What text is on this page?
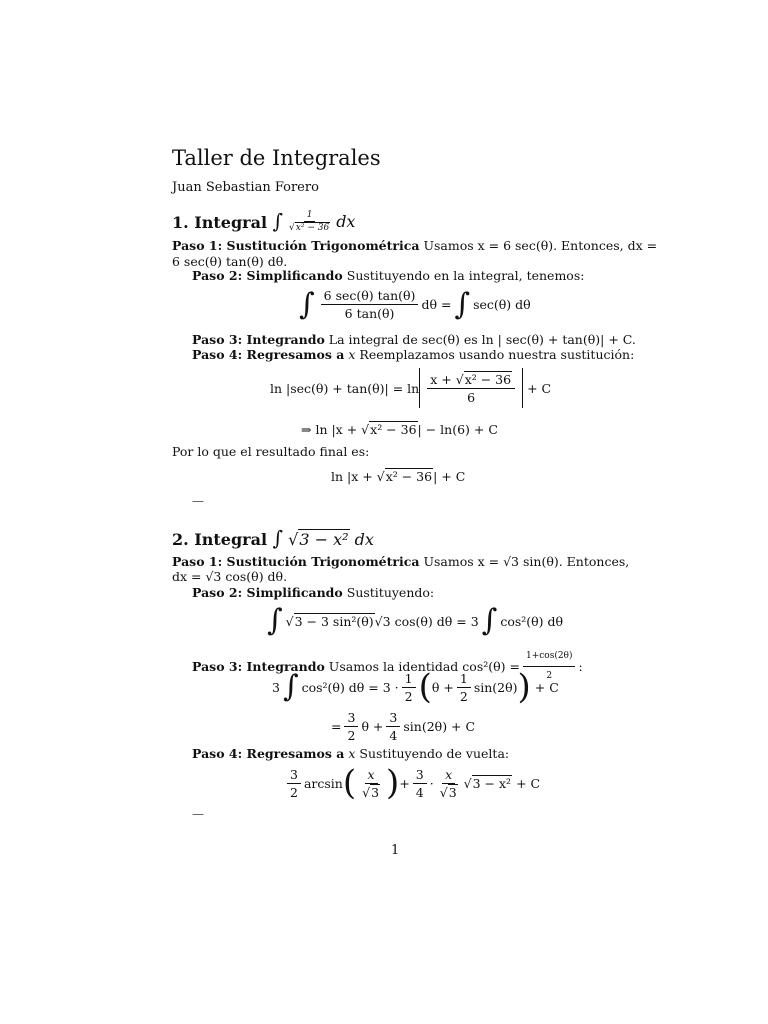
Taller de Integrales
Juan Sebastian Forero
1. Integral ∫ $\frac{1}{\text{√x² − 36}}$ dx
Paso 1: Sustitución Trigonométrica Usamos x = 6 sec(θ). Entonces, dx =
6 sec(θ) tan(θ) dθ.
Paso 2: Simplificando Sustituyendo en la integral, tenemos:
∫ $\frac{6 \sec(\theta) \tan(\theta)}{6 \tan(\theta)}$ dθ = ∫ sec(θ) dθ
Paso 3: Integrando La integral de sec(θ) es ln | sec(θ) + tan(θ)| + C.
Paso 4: Regresamos a x Reemplazamos usando nuestra sustitución:
$\ln |\sec(\theta) + \tan(\theta)| = \ln \frac{\text{x + √x² − 36}}{6} + C$
⇒ ln |x + √ x² − 36 | − ln(6) + C
Por lo que el resultado final es:
ln |x + √ x² − 36 | + C
—
2. Integral ∫ √3 − x² dx
Paso 1: Sustitución Trigonométrica Usamos x = √3 sin(θ). Entonces,
dx = √3 cos(θ) dθ.
Paso 2: Simplificando Sustituyendo:
∫ √ 3 − 3 sin²(θ) √3 cos(θ) dθ = 3 ∫ cos²(θ) dθ
Paso 3: Integrando
Usamos la identidad $\cos^2(\theta) = \frac{1+\cos(2\theta)}{2}$ :
3 ∫ cos²(θ) $d\theta = 3 \cdot \frac{1}{2}$ ( $\theta + \frac{1}{2} \sin(2\theta)$ ) + C
= $\frac{3}{2}$ $\theta + \frac{3}{4} \sin(2\theta) + C$
Paso 4: Regresamos a x Sustituyendo de vuelta:
$\frac{3}{2}$ arcsin ( $\frac{x}{√3}$ ) + $\frac{3}{4} \cdot \frac{x}{√3}$ √ 3 − x² + C
—
1
